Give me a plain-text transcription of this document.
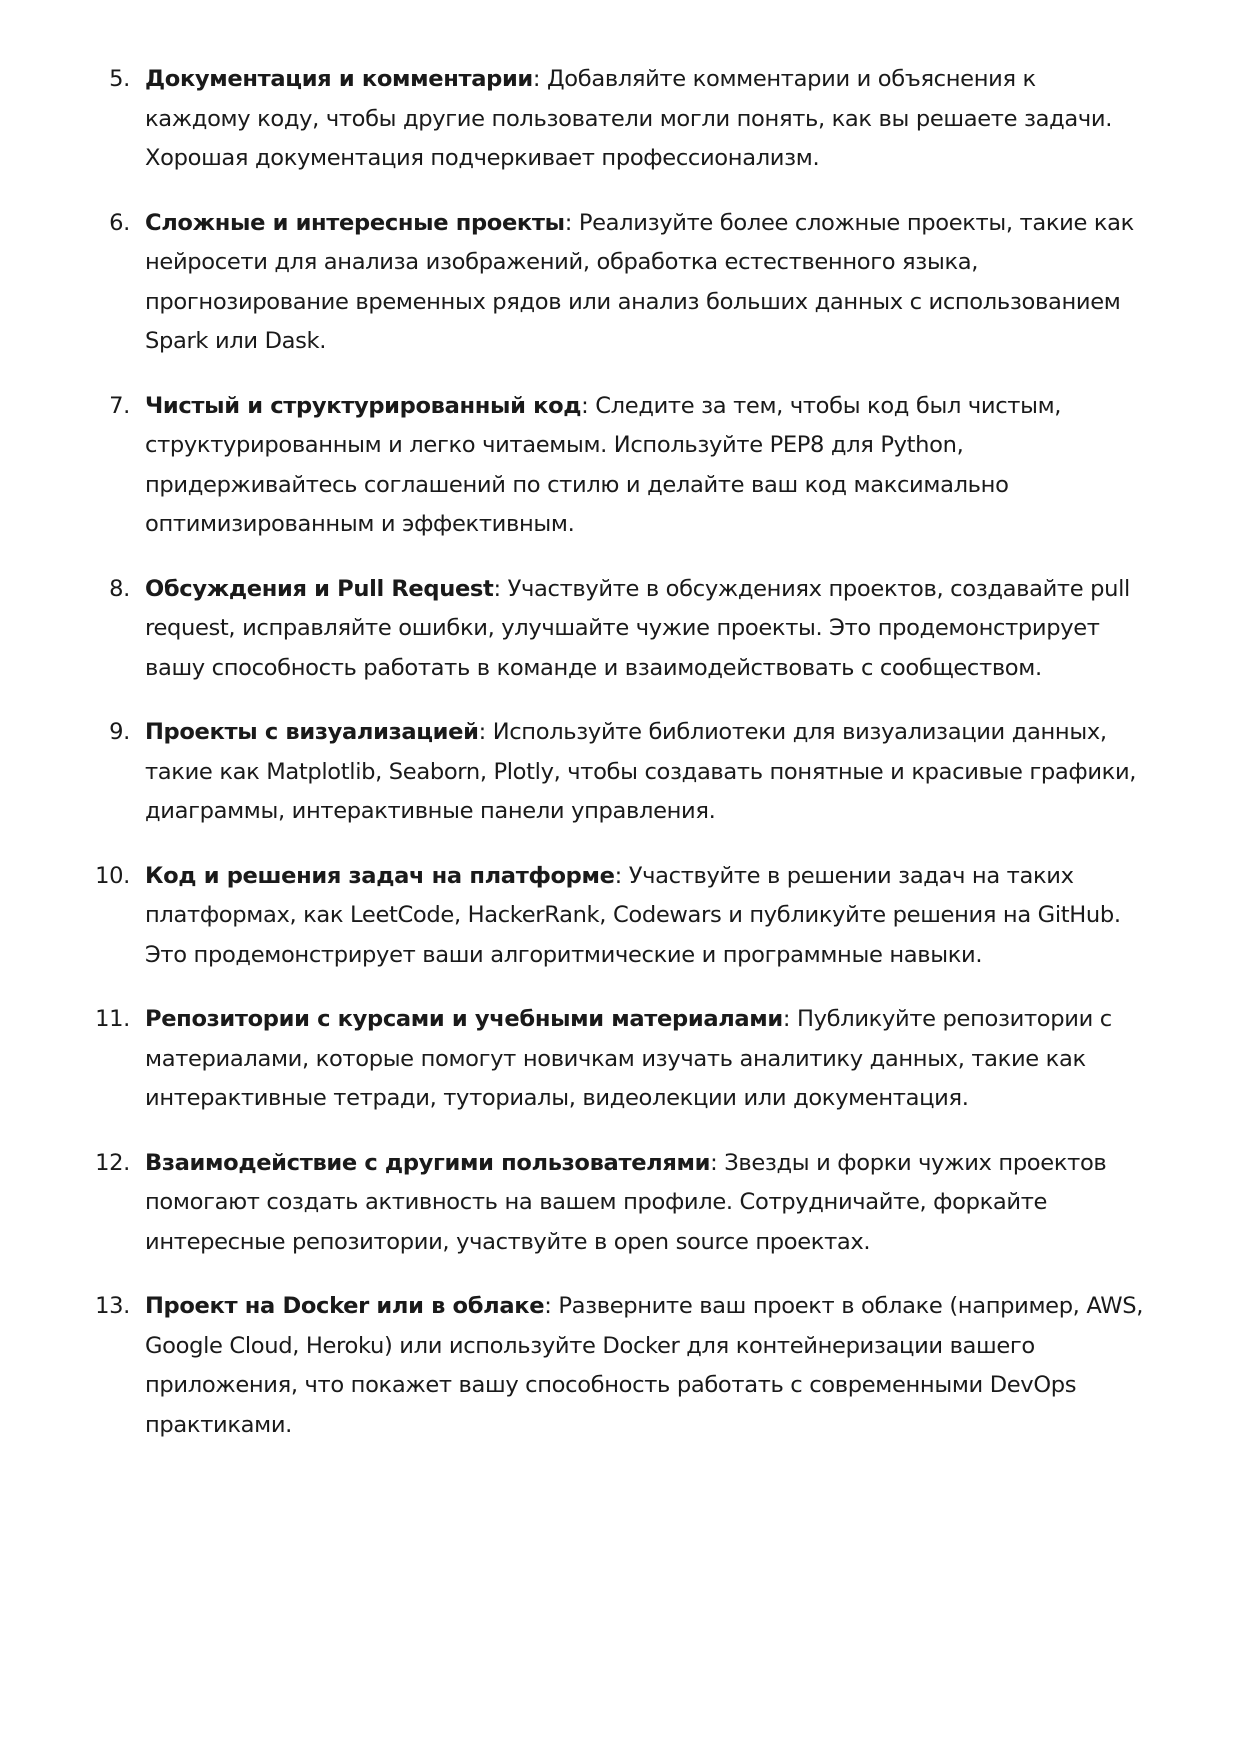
5. Документация и комментарии: Добавляйте комментарии и объяснения к каждому коду, чтобы другие пользователи могли понять, как вы решаете задачи. Хорошая документация подчеркивает профессионализм.
6. Сложные и интересные проекты: Реализуйте более сложные проекты, такие как нейросети для анализа изображений, обработка естественного языка, прогнозирование временных рядов или анализ больших данных с использованием Spark или Dask.
7. Чистый и структурированный код: Следите за тем, чтобы код был чистым, структурированным и легко читаемым. Используйте PEP8 для Python, придерживайтесь соглашений по стилю и делайте ваш код максимально оптимизированным и эффективным.
8. Обсуждения и Pull Request: Участвуйте в обсуждениях проектов, создавайте pull request, исправляйте ошибки, улучшайте чужие проекты. Это продемонстрирует вашу способность работать в команде и взаимодействовать с сообществом.
9. Проекты с визуализацией: Используйте библиотеки для визуализации данных, такие как Matplotlib, Seaborn, Plotly, чтобы создавать понятные и красивые графики, диаграммы, интерактивные панели управления.
10. Код и решения задач на платформе: Участвуйте в решении задач на таких платформах, как LeetCode, HackerRank, Codewars и публикуйте решения на GitHub. Это продемонстрирует ваши алгоритмические и программные навыки.
11. Репозитории с курсами и учебными материалами: Публикуйте репозитории с материалами, которые помогут новичкам изучать аналитику данных, такие как интерактивные тетради, туториалы, видеолекции или документация.
12. Взаимодействие с другими пользователями: Звезды и форки чужих проектов помогают создать активность на вашем профиле. Сотрудничайте, форкайте интересные репозитории, участвуйте в open source проектах.
13. Проект на Docker или в облаке: Разверните ваш проект в облаке (например, AWS, Google Cloud, Heroku) или используйте Docker для контейнеризации вашего приложения, что покажет вашу способность работать с современными DevOps практиками.
